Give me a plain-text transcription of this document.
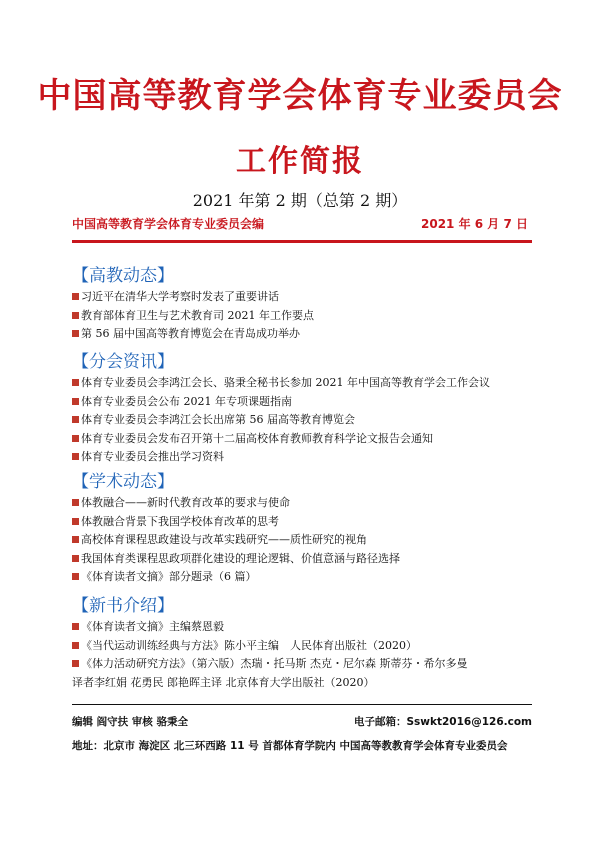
中国高等教育学会体育专业委员会
工作简报
2021 年第 2 期（总第 2 期）
中国高等教育学会体育专业委员会编	2021 年 6 月 7 日
【高教动态】
习近平在清华大学考察时发表了重要讲话
教育部体育卫生与艺术教育司 2021 年工作要点
第 56 届中国高等教育博览会在青岛成功举办
【分会资讯】
体育专业委员会李鸿江会长、骆秉全秘书长参加 2021 年中国高等教育学会工作会议
体育专业委员会公布 2021 年专项课题指南
体育专业委员会李鸿江会长出席第 56 届高等教育博览会
体育专业委员会发布召开第十二届高校体育教师教育科学论文报告会通知
体育专业委员会推出学习资料
【学术动态】
体教融合——新时代教育改革的要求与使命
体教融合背景下我国学校体育改革的思考
高校体育课程思政建设与改革实践研究——质性研究的视角
我国体育类课程思政项群化建设的理论逻辑、价值意涵与路径选择
《体育读者文摘》部分题录（6 篇）
【新书介绍】
《体育读者文摘》主编蔡恩毅
《当代运动训练经典与方法》陈小平主编　人民体育出版社（2020）
《体力活动研究方法》（第六版）杰瑞・托马斯 杰克・尼尔森 斯蒂芬・希尔多曼
译者李红娟 花勇民 郎艳晖主译 北京体育大学出版社（2020）
编辑 阎守扶 审核 骆秉全	电子邮箱：Sswkt2016@126.com
地址：北京市 海淀区 北三环西路 11 号 首都体育学院内 中国高等教教育学会体育专业委员会
